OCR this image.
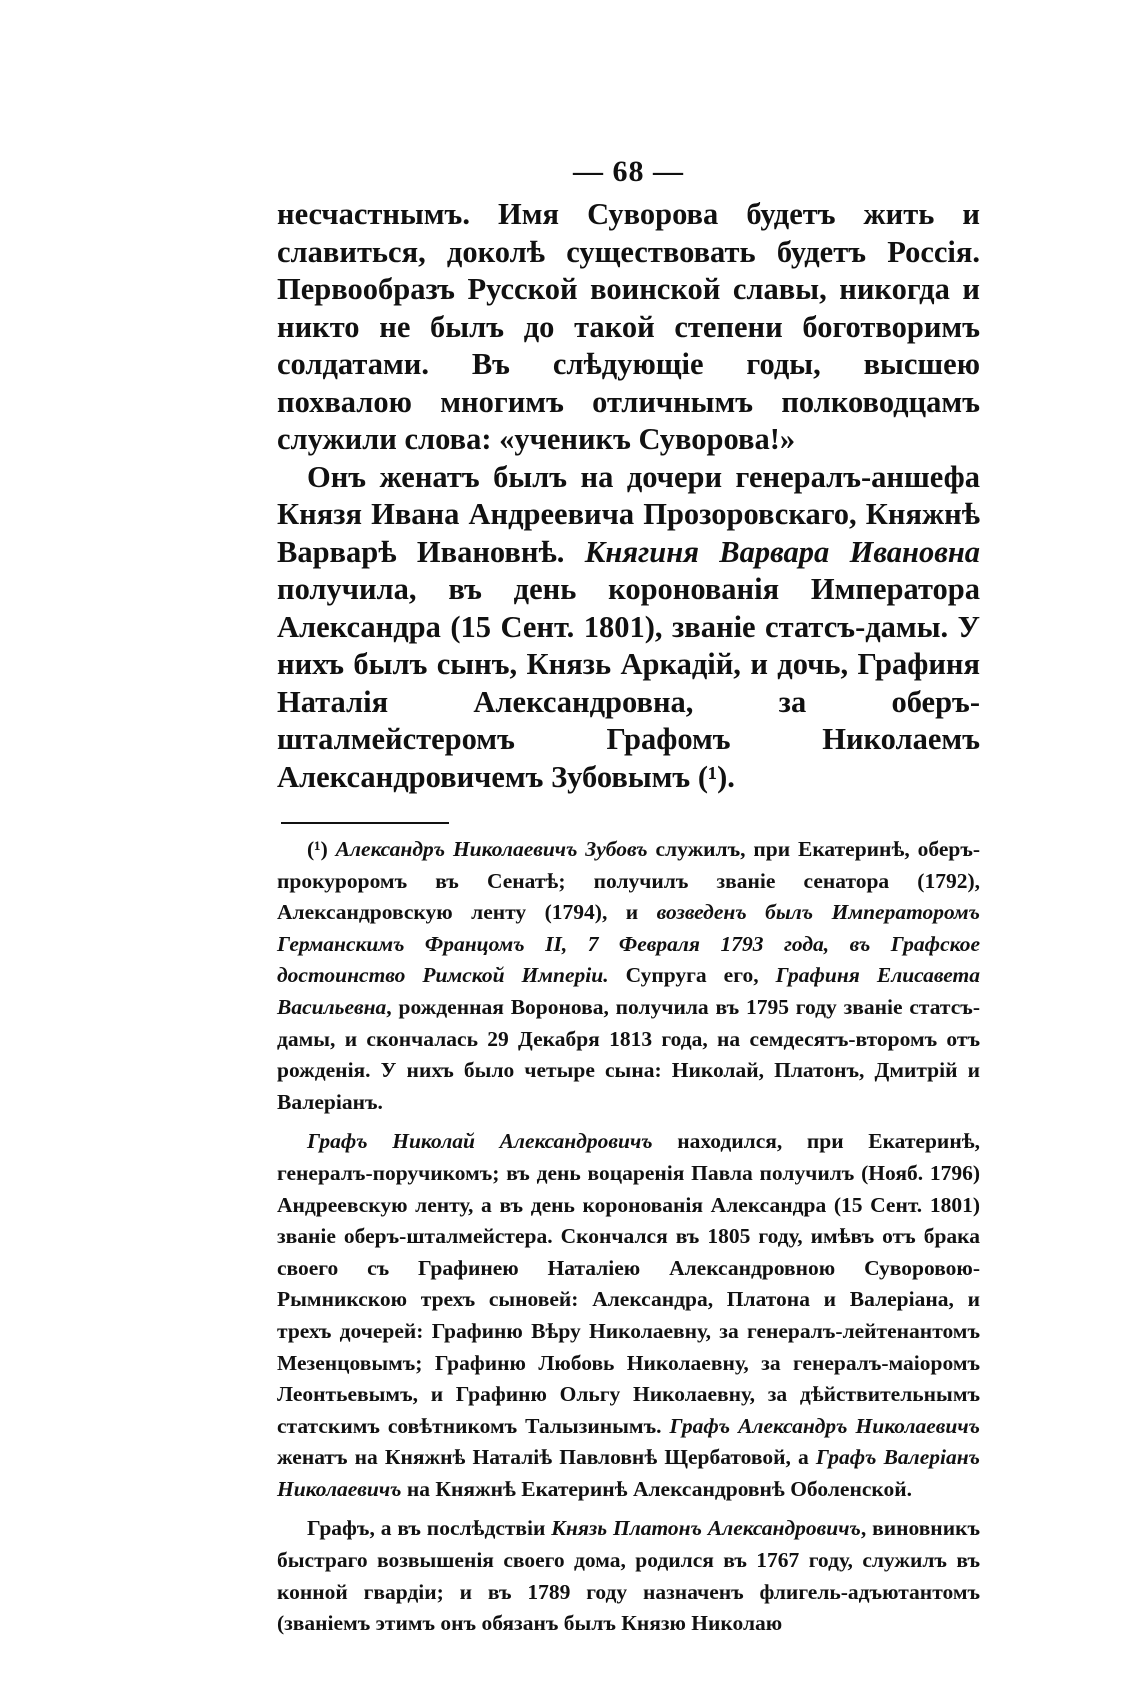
— 68 —

несчастнымъ. Имя Суворова будетъ жить и славиться, доколѣ существовать будетъ Россія. Первообразъ Русской воинской славы, никогда и никто не былъ до такой степени боготворимъ солдатами. Въ слѣдующіе годы, высшею похвалою многимъ отличнымъ полководцамъ служили слова: «ученикъ Суворова!»

Онъ женатъ былъ на дочери генералъ-аншефа Князя Ивана Андреевича Прозоровскаго, Княжнѣ Варварѣ Ивановнѣ. Княгиня Варвара Ивановна получила, въ день коронованія Императора Александра (15 Сент. 1801), званіе статсъ-дамы. У нихъ былъ сынъ, Князь Аркадій, и дочь, Графиня Наталія Александровна, за оберъ-шталмейстеромъ Графомъ Николаемъ Александровичемъ Зубовымъ (¹).

(¹) Александръ Николаевичъ Зубовъ служилъ, при Екатеринѣ, оберъ-прокуроромъ въ Сенатѣ; получилъ званіе сенатора (1792), Александровскую ленту (1794), и возведенъ былъ Императоромъ Германскимъ Францомъ II, 7 Февраля 1793 года, въ Графское достоинство Римской Имперіи. Супруга его, Графиня Елисавета Васильевна, рожденная Воронова, получила въ 1795 году званіе статсъ-дамы, и скончалась 29 Декабря 1813 года, на семдесятъ-второмъ отъ рожденія. У нихъ было четыре сына: Николай, Платонъ, Дмитрій и Валеріанъ.

Графъ Николай Александровичъ находился, при Екатеринѣ, генералъ-поручикомъ; въ день воцаренія Павла получилъ (Нояб. 1796) Андреевскую ленту, а въ день коронованія Александра (15 Сент. 1801) званіе оберъ-шталмейстера. Скончался въ 1805 году, имѣвъ отъ брака своего съ Графинею Наталіею Александровною Суворовою-Рымникскою трехъ сыновей: Александра, Платона и Валеріана, и трехъ дочерей: Графиню Вѣру Николаевну, за генералъ-лейтенантомъ Мезенцовымъ; Графиню Любовь Николаевну, за генералъ-маіоромъ Леонтьевымъ, и Графиню Ольгу Николаевну, за дѣйствительнымъ статскимъ совѣтникомъ Талызинымъ. Графъ Александръ Николаевичъ женатъ на Княжнѣ Наталіѣ Павловнѣ Щербатовой, а Графъ Валеріанъ Николаевичъ на Княжнѣ Екатеринѣ Александровнѣ Оболенской.

Графъ, а въ послѣдствіи Князь Платонъ Александровичъ, виновникъ быстраго возвышенія своего дома, родился въ 1767 году, служилъ въ конной гвардіи; и въ 1789 году назначенъ флигель-адъютантомъ (званіемъ этимъ онъ обязанъ былъ Князю Николаю
